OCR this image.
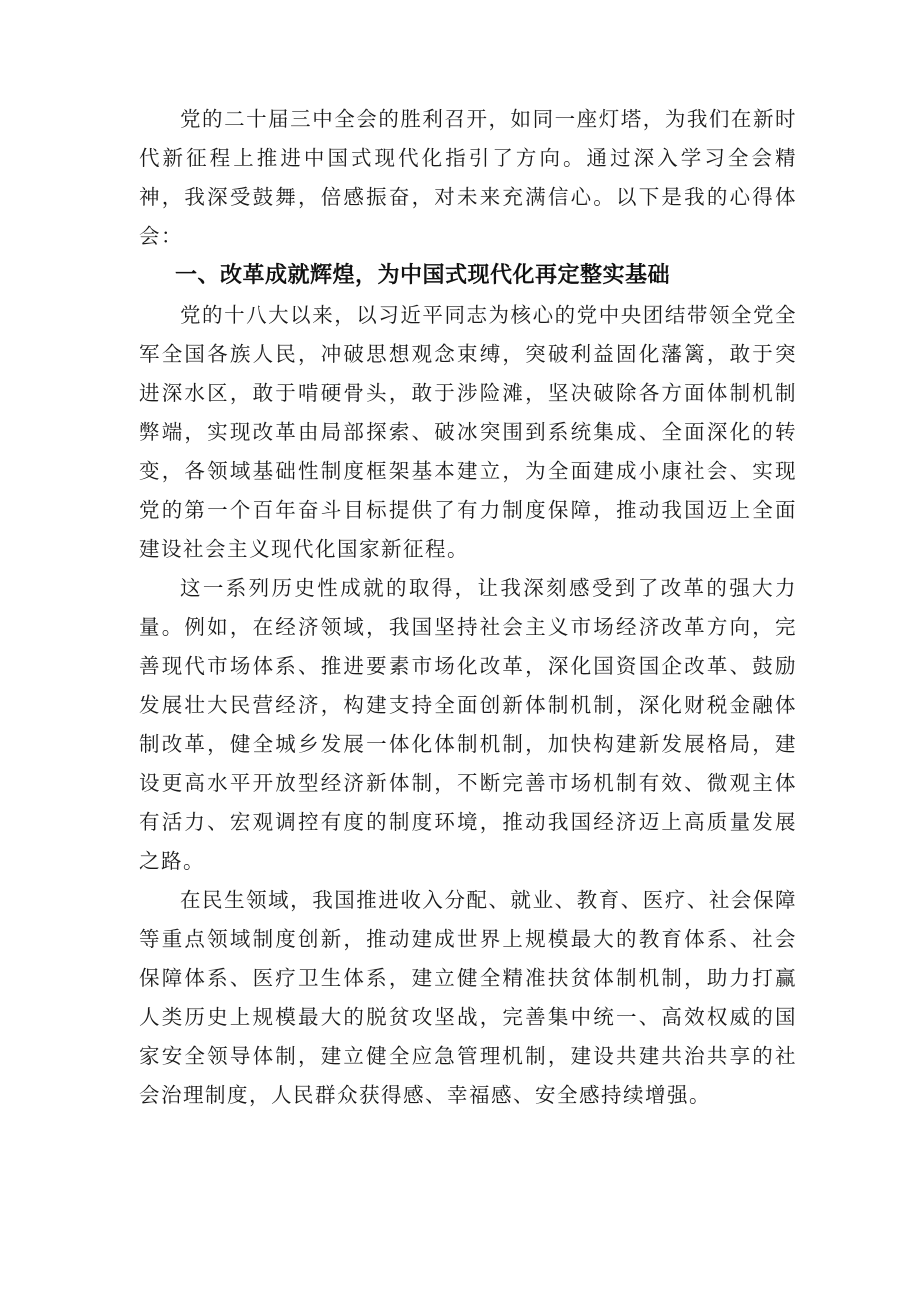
党的二十届三中全会的胜利召开，如同一座灯塔，为我们在新时代新征程上推进中国式现代化指引了方向。通过深入学习全会精神，我深受鼓舞，倍感振奋，对未来充满信心。以下是我的心得体会：

一、改革成就辉煌，为中国式现代化再定整实基础

党的十八大以来，以习近平同志为核心的党中央团结带领全党全军全国各族人民，冲破思想观念束缚，突破利益固化藩篱，敢于突进深水区，敢于啃硬骨头，敢于涉险滩，坚决破除各方面体制机制弊端，实现改革由局部探索、破冰突围到系统集成、全面深化的转变，各领域基础性制度框架基本建立，为全面建成小康社会、实现党的第一个百年奋斗目标提供了有力制度保障，推动我国迈上全面建设社会主义现代化国家新征程。

这一系列历史性成就的取得，让我深刻感受到了改革的强大力量。例如，在经济领域，我国坚持社会主义市场经济改革方向，完善现代市场体系、推进要素市场化改革，深化国资国企改革、鼓励发展壮大民营经济，构建支持全面创新体制机制，深化财税金融体制改革，健全城乡发展一体化体制机制，加快构建新发展格局，建设更高水平开放型经济新体制，不断完善市场机制有效、微观主体有活力、宏观调控有度的制度环境，推动我国经济迈上高质量发展之路。

在民生领域，我国推进收入分配、就业、教育、医疗、社会保障等重点领域制度创新，推动建成世界上规模最大的教育体系、社会保障体系、医疗卫生体系，建立健全精准扶贫体制机制，助力打赢人类历史上规模最大的脱贫攻坚战，完善集中统一、高效权威的国家安全领导体制，建立健全应急管理机制，建设共建共治共享的社会治理制度，人民群众获得感、幸福感、安全感持续增强。
